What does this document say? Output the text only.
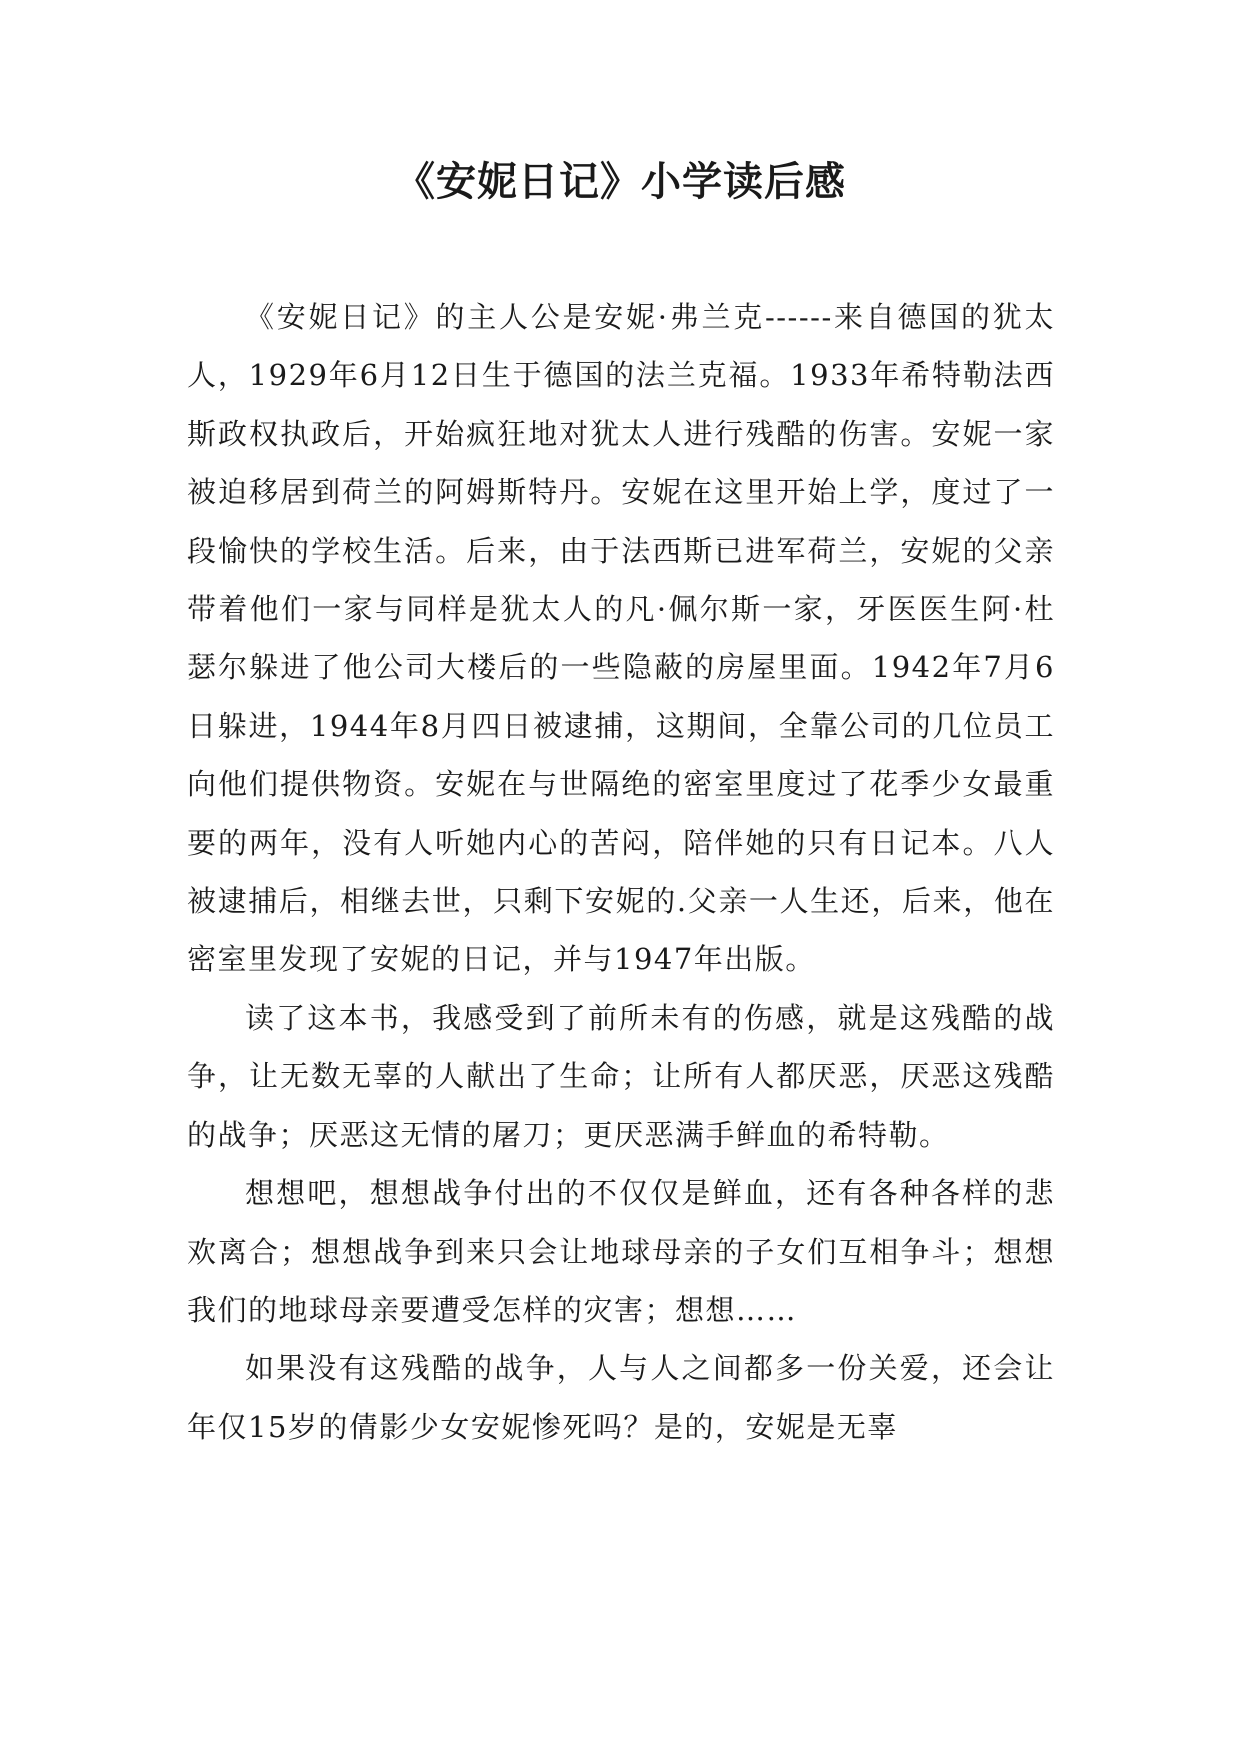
《安妮日记》小学读后感

《安妮日记》的主人公是安妮·弗兰克------来自德国的犹太人，1929年6月12日生于德国的法兰克福。1933年希特勒法西斯政权执政后，开始疯狂地对犹太人进行残酷的伤害。安妮一家被迫移居到荷兰的阿姆斯特丹。安妮在这里开始上学，度过了一段愉快的学校生活。后来，由于法西斯已进军荷兰，安妮的父亲带着他们一家与同样是犹太人的凡·佩尔斯一家，牙医医生阿·杜瑟尔躲进了他公司大楼后的一些隐蔽的房屋里面。1942年7月6日躲进，1944年8月四日被逮捕，这期间，全靠公司的几位员工向他们提供物资。安妮在与世隔绝的密室里度过了花季少女最重要的两年，没有人听她内心的苦闷，陪伴她的只有日记本。八人被逮捕后，相继去世，只剩下安妮的.父亲一人生还，后来，他在密室里发现了安妮的日记，并与1947年出版。

读了这本书，我感受到了前所未有的伤感，就是这残酷的战争，让无数无辜的人献出了生命；让所有人都厌恶，厌恶这残酷的战争；厌恶这无情的屠刀；更厌恶满手鲜血的希特勒。

想想吧，想想战争付出的不仅仅是鲜血，还有各种各样的悲欢离合；想想战争到来只会让地球母亲的子女们互相争斗；想想我们的地球母亲要遭受怎样的灾害；想想……

如果没有这残酷的战争，人与人之间都多一份关爱，还会让年仅15岁的倩影少女安妮惨死吗？是的，安妮是无辜
